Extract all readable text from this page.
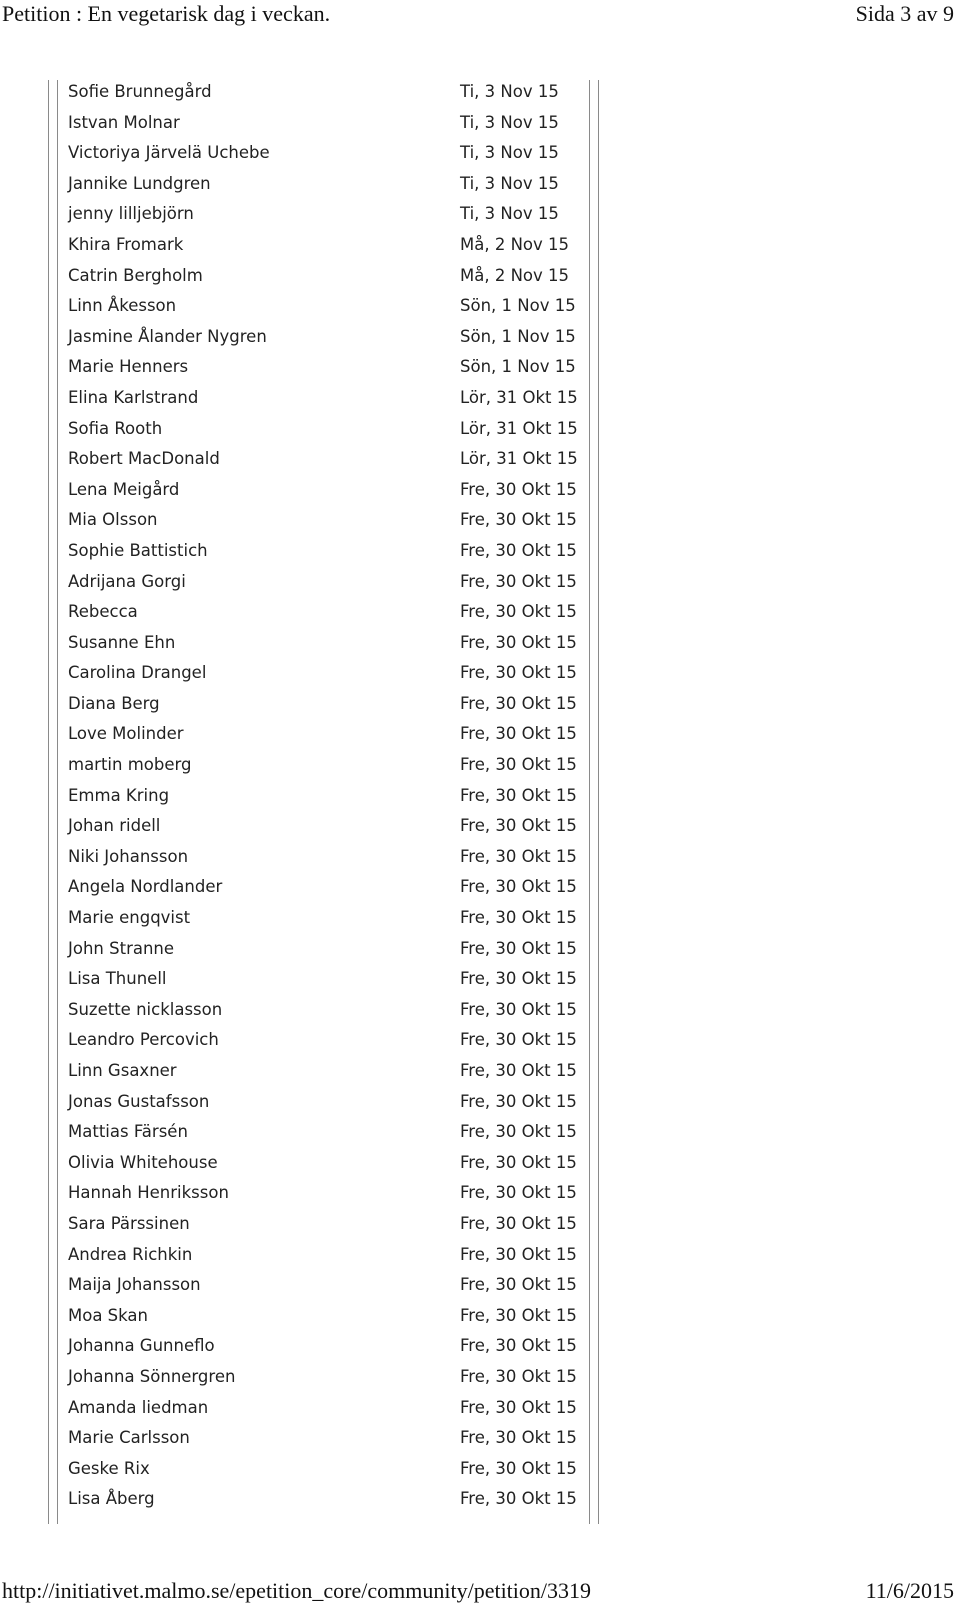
Petition : En vegetarisk dag i veckan.	Sida 3 av 9
Sofie Brunnegård	Ti, 3 Nov 15
Istvan Molnar	Ti, 3 Nov 15
Victoriya Järvelä Uchebe	Ti, 3 Nov 15
Jannike Lundgren	Ti, 3 Nov 15
jenny lilljebjörn	Ti, 3 Nov 15
Khira Fromark	Må, 2 Nov 15
Catrin Bergholm	Må, 2 Nov 15
Linn Åkesson	Sön, 1 Nov 15
Jasmine Ålander Nygren	Sön, 1 Nov 15
Marie Henners	Sön, 1 Nov 15
Elina Karlstrand	Lör, 31 Okt 15
Sofia Rooth	Lör, 31 Okt 15
Robert MacDonald	Lör, 31 Okt 15
Lena Meigård	Fre, 30 Okt 15
Mia Olsson	Fre, 30 Okt 15
Sophie Battistich	Fre, 30 Okt 15
Adrijana Gorgi	Fre, 30 Okt 15
Rebecca	Fre, 30 Okt 15
Susanne Ehn	Fre, 30 Okt 15
Carolina Drangel	Fre, 30 Okt 15
Diana Berg	Fre, 30 Okt 15
Love Molinder	Fre, 30 Okt 15
martin moberg	Fre, 30 Okt 15
Emma Kring	Fre, 30 Okt 15
Johan ridell	Fre, 30 Okt 15
Niki Johansson	Fre, 30 Okt 15
Angela Nordlander	Fre, 30 Okt 15
Marie engqvist	Fre, 30 Okt 15
John Stranne	Fre, 30 Okt 15
Lisa Thunell	Fre, 30 Okt 15
Suzette nicklasson	Fre, 30 Okt 15
Leandro Percovich	Fre, 30 Okt 15
Linn Gsaxner	Fre, 30 Okt 15
Jonas Gustafsson	Fre, 30 Okt 15
Mattias Färsén	Fre, 30 Okt 15
Olivia Whitehouse	Fre, 30 Okt 15
Hannah Henriksson	Fre, 30 Okt 15
Sara Pärssinen	Fre, 30 Okt 15
Andrea Richkin	Fre, 30 Okt 15
Maija Johansson	Fre, 30 Okt 15
Moa Skan	Fre, 30 Okt 15
Johanna Gunneflo	Fre, 30 Okt 15
Johanna Sönnergren	Fre, 30 Okt 15
Amanda liedman	Fre, 30 Okt 15
Marie Carlsson	Fre, 30 Okt 15
Geske Rix	Fre, 30 Okt 15
Lisa Åberg	Fre, 30 Okt 15
http://initiativet.malmo.se/epetition_core/community/petition/3319	11/6/2015
